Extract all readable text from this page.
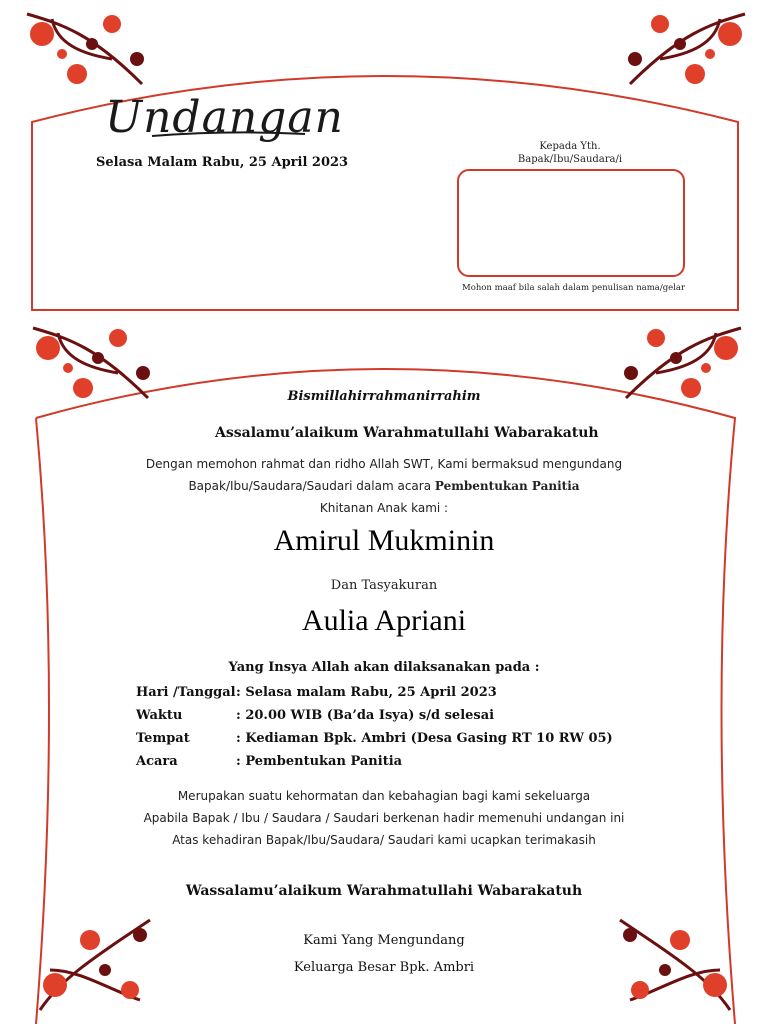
Undangan
Selasa Malam Rabu, 25 April 2023
Kepada Yth.
Bapak/Ibu/Saudara/i
Mohon maaf bila salah dalam penulisan nama/gelar
Bismillahirrahmanirrahim
Assalamu’alaikum Warahmatullahi Wabarakatuh
Dengan memohon rahmat dan ridho Allah SWT, Kami bermaksud mengundang
Bapak/Ibu/Saudara/Saudari dalam acara Pembentukan Panitia
Khitanan Anak kami :
Amirul Mukminin
Dan Tasyakuran
Aulia Apriani
Yang Insya Allah akan dilaksanakan pada :
Hari /Tanggal : Selasa malam Rabu, 25 April 2023
Waktu	: 20.00 WIB (Ba’da Isya) s/d selesai
Tempat	: Kediaman Bpk. Ambri (Desa Gasing RT 10 RW 05)
Acara	: Pembentukan Panitia
Merupakan suatu kehormatan dan kebahagian bagi kami sekeluarga
Apabila Bapak / Ibu / Saudara / Saudari berkenan hadir memenuhi undangan ini
Atas kehadiran Bapak/Ibu/Saudara/ Saudari kami ucapkan terimakasih
Wassalamu’alaikum Warahmatullahi Wabarakatuh
Kami Yang Mengundang
Keluarga Besar Bpk. Ambri
